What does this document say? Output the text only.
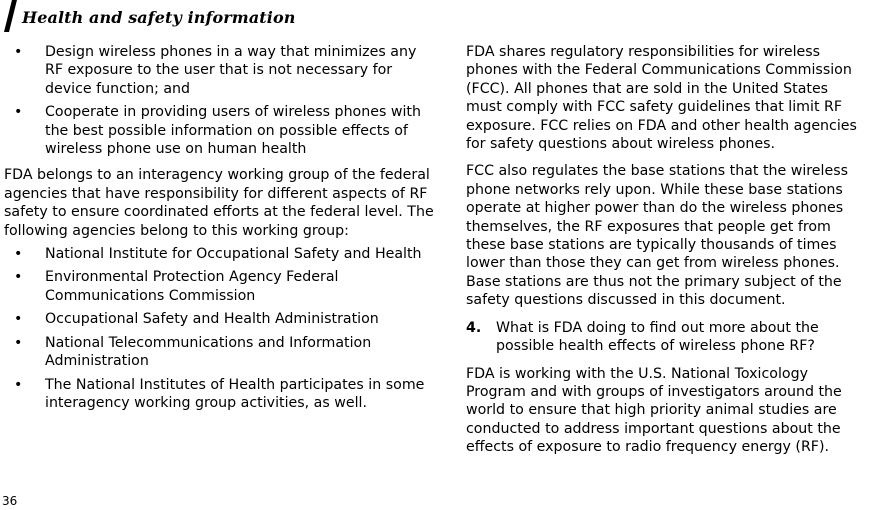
Health and safety information
• Design wireless phones in a way that minimizes any RF exposure to the user that is not necessary for device function; and
• Cooperate in providing users of wireless phones with the best possible information on possible effects of wireless phone use on human health

FDA belongs to an interagency working group of the federal agencies that have responsibility for different aspects of RF safety to ensure coordinated efforts at the federal level. The following agencies belong to this working group:

• National Institute for Occupational Safety and Health
• Environmental Protection Agency Federal Communications Commission
• Occupational Safety and Health Administration
• National Telecommunications and Information Administration
• The National Institutes of Health participates in some interagency working group activities, as well.

FDA shares regulatory responsibilities for wireless phones with the Federal Communications Commission (FCC). All phones that are sold in the United States must comply with FCC safety guidelines that limit RF exposure. FCC relies on FDA and other health agencies for safety questions about wireless phones.

FCC also regulates the base stations that the wireless phone networks rely upon. While these base stations operate at higher power than do the wireless phones themselves, the RF exposures that people get from these base stations are typically thousands of times lower than those they can get from wireless phones. Base stations are thus not the primary subject of the safety questions discussed in this document.

4. What is FDA doing to find out more about the possible health effects of wireless phone RF?

FDA is working with the U.S. National Toxicology Program and with groups of investigators around the world to ensure that high priority animal studies are conducted to address important questions about the effects of exposure to radio frequency energy (RF).

36
